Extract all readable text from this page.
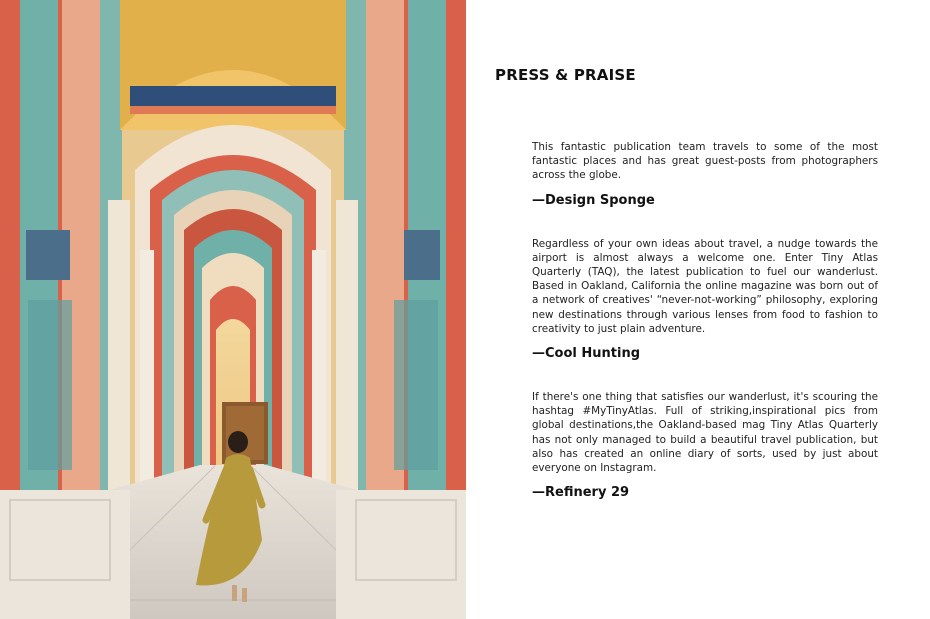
PRESS & PRAISE

This fantastic publication team travels to some of the most fantastic places and has great guest-posts from photographers across the globe.

—Design Sponge

Regardless of your own ideas about travel, a nudge towards the airport is almost always a welcome one. Enter Tiny Atlas Quarterly (TAQ), the latest publication to fuel our wanderlust. Based in Oakland, California the online magazine was born out of a network of creatives' “never-not-working” philosophy, exploring new destinations through various lenses from food to fashion to creativity to just plain adventure.

—Cool Hunting

If there's one thing that satisfies our wanderlust, it's scouring the hashtag #MyTinyAtlas. Full of striking,inspirational pics from global destinations,the Oakland-based mag Tiny Atlas Quarterly has not only managed to build a beautiful travel publication, but also has created an online diary of sorts, used by just about everyone on Instagram.

—Refinery 29
